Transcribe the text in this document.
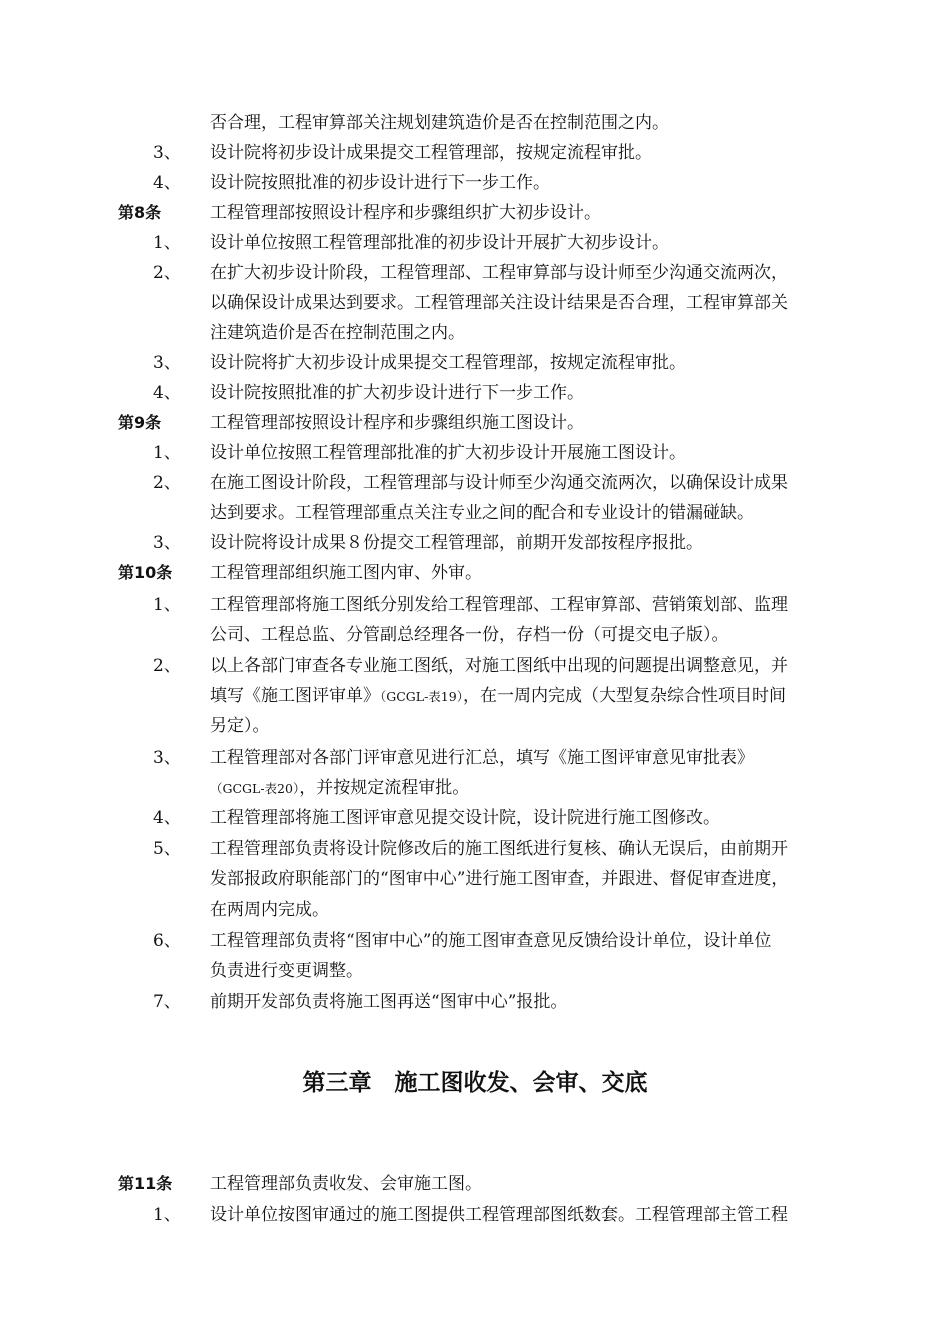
否合理，工程审算部关注规划建筑造价是否在控制范围之内。
3、 设计院将初步设计成果提交工程管理部，按规定流程审批。
4、 设计院按照批准的初步设计进行下一步工作。
第8条	工程管理部按照设计程序和步骤组织扩大初步设计。
1、 设计单位按照工程管理部批准的初步设计开展扩大初步设计。
2、 在扩大初步设计阶段，工程管理部、工程审算部与设计师至少沟通交流两次，
以确保设计成果达到要求。工程管理部关注设计结果是否合理，工程审算部关
注建筑造价是否在控制范围之内。
3、 设计院将扩大初步设计成果提交工程管理部，按规定流程审批。
4、 设计院按照批准的扩大初步设计进行下一步工作。
第9条	工程管理部按照设计程序和步骤组织施工图设计。
1、 设计单位按照工程管理部批准的扩大初步设计开展施工图设计。
2、 在施工图设计阶段，工程管理部与设计师至少沟通交流两次，以确保设计成果
达到要求。工程管理部重点关注专业之间的配合和专业设计的错漏碰缺。
3、 设计院将设计成果８份提交工程管理部，前期开发部按程序报批。
第10条 工程管理部组织施工图内审、外审。
1、 工程管理部将施工图纸分别发给工程管理部、工程审算部、营销策划部、监理
公司、工程总监、分管副总经理各一份，存档一份（可提交电子版）。
2、 以上各部门审查各专业施工图纸，对施工图纸中出现的问题提出调整意见，并
填写《施工图评审单》（GCGL-表19），在一周内完成（大型复杂综合性项目时间
另定）。
3、 工程管理部对各部门评审意见进行汇总，填写《施工图评审意见审批表》
（GCGL-表20），并按规定流程审批。
4、 工程管理部将施工图评审意见提交设计院，设计院进行施工图修改。
5、 工程管理部负责将设计院修改后的施工图纸进行复核、确认无误后，由前期开
发部报政府职能部门的“图审中心”进行施工图审查，并跟进、督促审查进度，
在两周内完成。
6、 工程管理部负责将“图审中心”的施工图审查意见反馈给设计单位，设计单位
负责进行变更调整。
7、 前期开发部负责将施工图再送“图审中心”报批。
第三章　施工图收发、会审、交底
第11条 工程管理部负责收发、会审施工图。
1、 设计单位按图审通过的施工图提供工程管理部图纸数套。工程管理部主管工程
